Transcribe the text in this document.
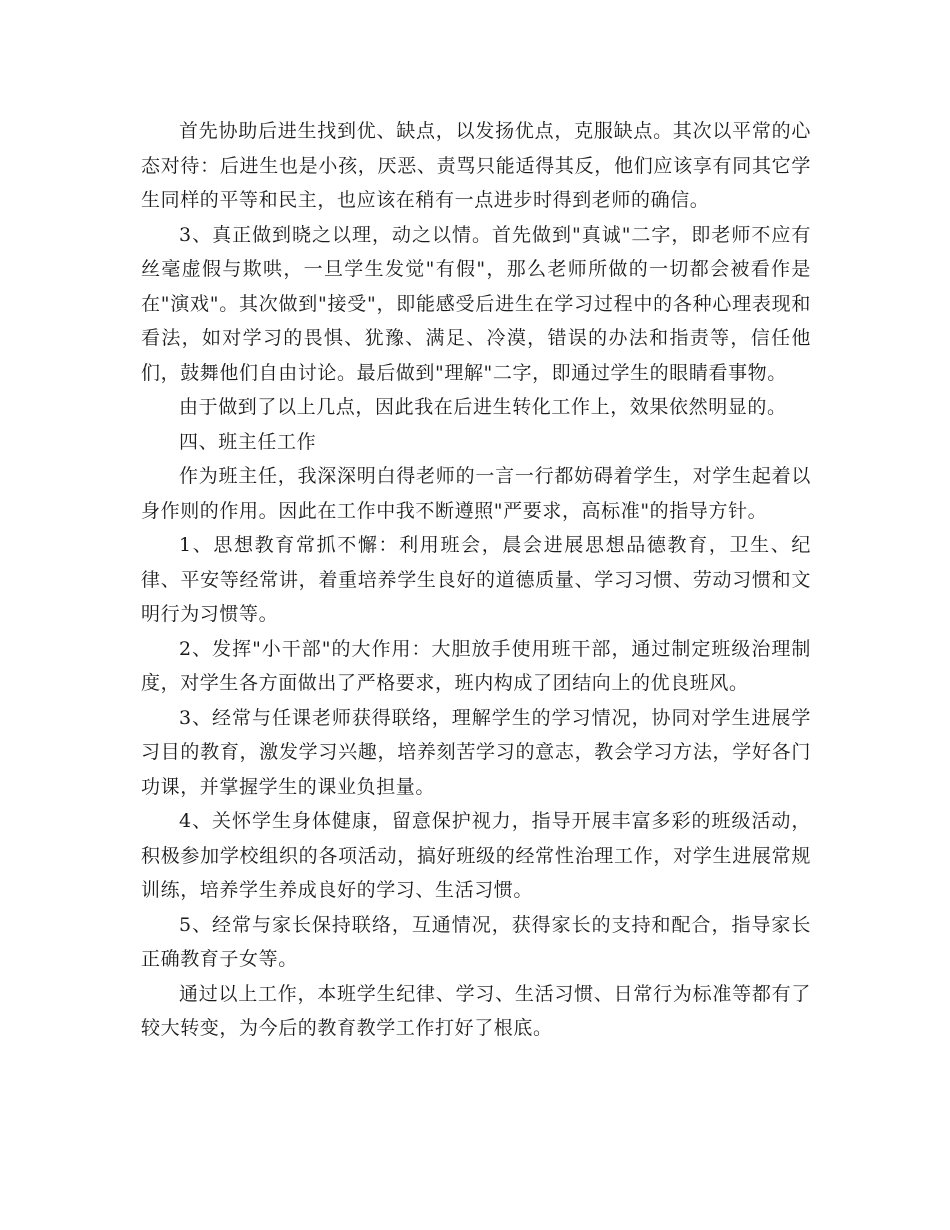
首先协助后进生找到优、缺点，以发扬优点，克服缺点。其次以平常的心态对待：后进生也是小孩，厌恶、责骂只能适得其反，他们应该享有同其它学生同样的平等和民主，也应该在稍有一点进步时得到老师的确信。

3、真正做到晓之以理，动之以情。首先做到"真诚"二字，即老师不应有丝毫虚假与欺哄，一旦学生发觉"有假"，那么老师所做的一切都会被看作是在"演戏"。其次做到"接受"，即能感受后进生在学习过程中的各种心理表现和看法，如对学习的畏惧、犹豫、满足、冷漠，错误的办法和指责等，信任他们，鼓舞他们自由讨论。最后做到"理解"二字，即通过学生的眼睛看事物。

由于做到了以上几点，因此我在后进生转化工作上，效果依然明显的。

四、班主任工作

作为班主任，我深深明白得老师的一言一行都妨碍着学生，对学生起着以身作则的作用。因此在工作中我不断遵照"严要求，高标准"的指导方针。

1、思想教育常抓不懈：利用班会，晨会进展思想品德教育，卫生、纪律、平安等经常讲，着重培养学生良好的道德质量、学习习惯、劳动习惯和文明行为习惯等。

2、发挥"小干部"的大作用：大胆放手使用班干部，通过制定班级治理制度，对学生各方面做出了严格要求，班内构成了团结向上的优良班风。

3、经常与任课老师获得联络，理解学生的学习情况，协同对学生进展学习目的教育，激发学习兴趣，培养刻苦学习的意志，教会学习方法，学好各门功课，并掌握学生的课业负担量。

4、关怀学生身体健康，留意保护视力，指导开展丰富多彩的班级活动，积极参加学校组织的各项活动，搞好班级的经常性治理工作，对学生进展常规训练，培养学生养成良好的学习、生活习惯。

5、经常与家长保持联络，互通情况，获得家长的支持和配合，指导家长正确教育子女等。

通过以上工作，本班学生纪律、学习、生活习惯、日常行为标准等都有了较大转变，为今后的教育教学工作打好了根底。
